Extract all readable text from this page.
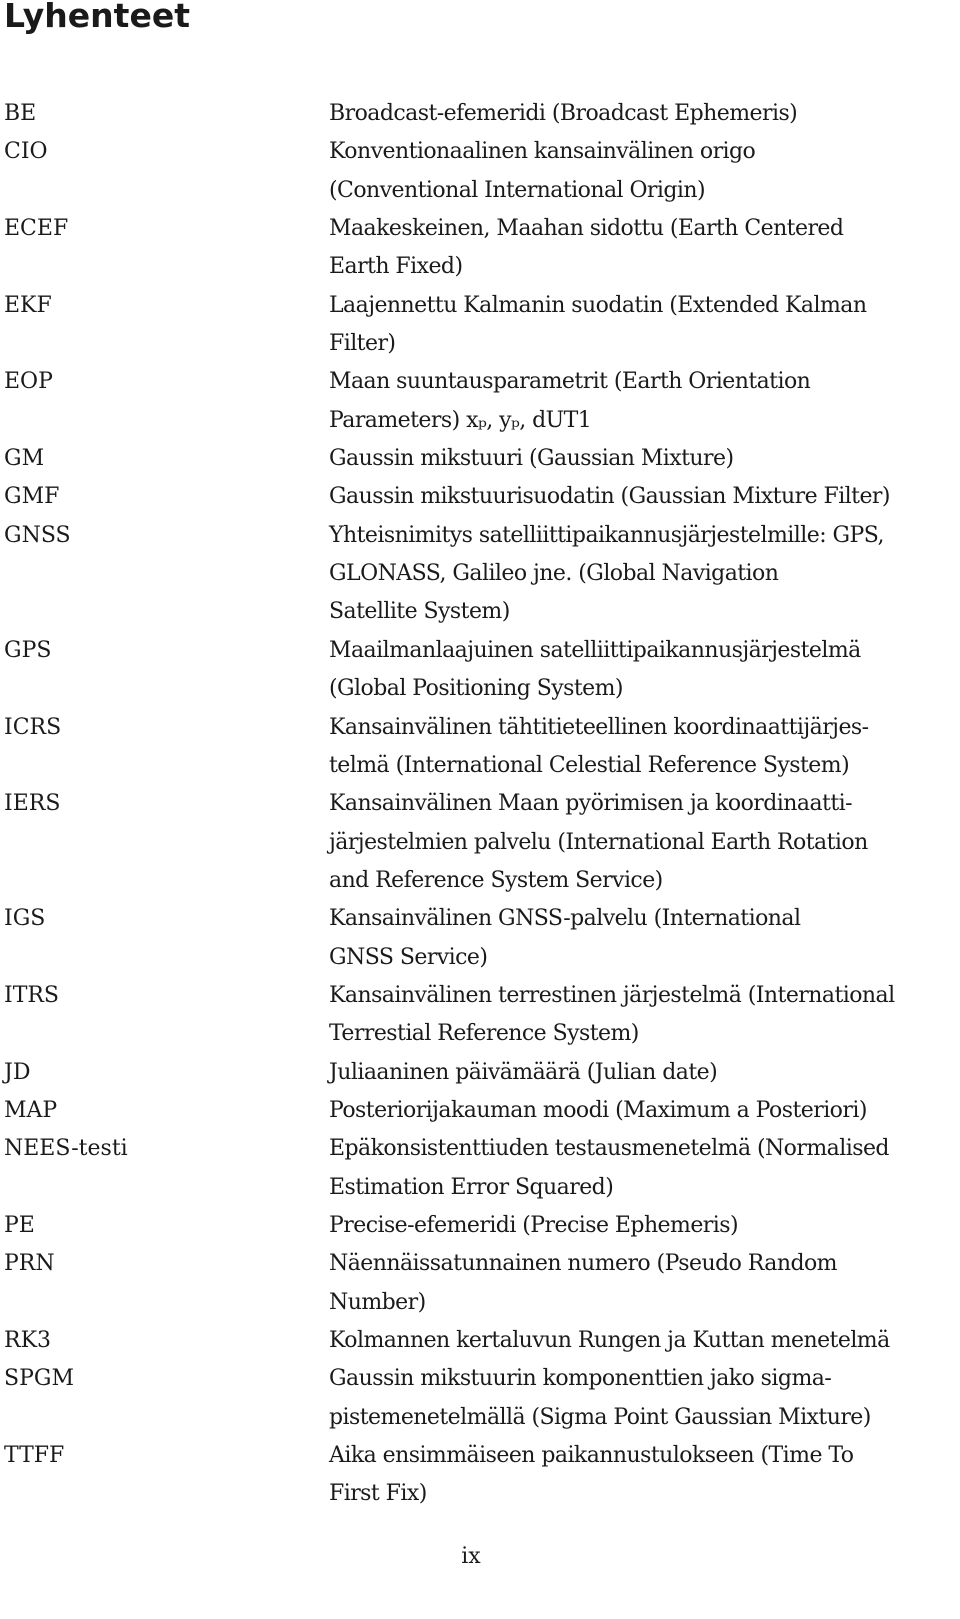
Lyhenteet
BE	Broadcast-efemeridi (Broadcast Ephemeris)
CIO	Konventionaalinen kansainvälinen origo
(Conventional International Origin)
ECEF	Maakeskeinen, Maahan sidottu (Earth Centered
Earth Fixed)
EKF	Laajennettu Kalmanin suodatin (Extended Kalman
Filter)
EOP	Maan suuntausparametrit (Earth Orientation
Parameters) xₚ, yₚ, dUT1
GM	Gaussin mikstuuri (Gaussian Mixture)
GMF	Gaussin mikstuurisuodatin (Gaussian Mixture Filter)
GNSS	Yhteisnimitys satelliittipaikannusjärjestelmille: GPS,
GLONASS, Galileo jne. (Global Navigation
Satellite System)
GPS	Maailmanlaajuinen satelliittipaikannusjärjestelmä
(Global Positioning System)
ICRS	Kansainvälinen tähtitieteellinen koordinaattijärjes-
telmä (International Celestial Reference System)
IERS	Kansainvälinen Maan pyörimisen ja koordinaatti-
järjestelmien palvelu (International Earth Rotation
and Reference System Service)
IGS	Kansainvälinen GNSS-palvelu (International
GNSS Service)
ITRS	Kansainvälinen terrestinen järjestelmä (International
Terrestial Reference System)
JD	Juliaaninen päivämäärä (Julian date)
MAP	Posteriorijakauman moodi (Maximum a Posteriori)
NEES-testi	Epäkonsistenttiuden testausmenetelmä (Normalised
Estimation Error Squared)
PE	Precise-efemeridi (Precise Ephemeris)
PRN	Näennäissatunnainen numero (Pseudo Random
Number)
RK3	Kolmannen kertaluvun Rungen ja Kuttan menetelmä
SPGM	Gaussin mikstuurin komponenttien jako sigma-
pistemenetelmällä (Sigma Point Gaussian Mixture)
TTFF	Aika ensimmäiseen paikannustulokseen (Time To
First Fix)
ix
